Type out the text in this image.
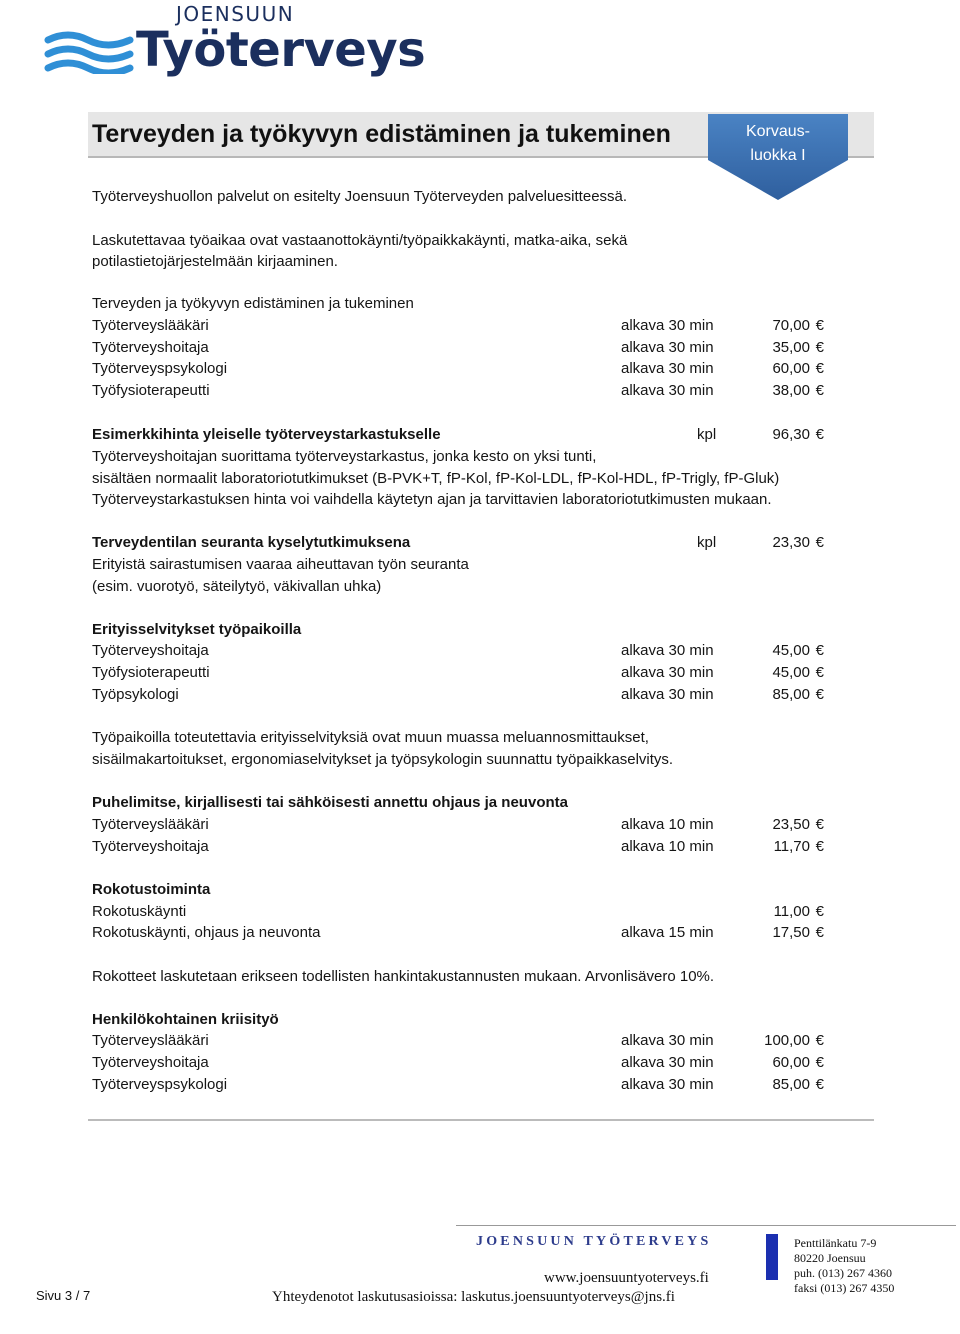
JOENSUUN
Työterveys
Terveyden ja työkyvyn edistäminen ja tukeminen	Korvaus-
luokka I
Työterveyshuollon palvelut on esitelty Joensuun Työterveyden palveluesitteessä.
Laskutettavaa työaikaa ovat vastaanottokäynti/työpaikkakäynti, matka-aika, sekä
potilastietojärjestelmään kirjaaminen.
Terveyden ja työkyvyn edistäminen ja tukeminen
Työterveyslääkäri	alkava 30 min	70,00 €
Työterveyshoitaja	alkava 30 min	35,00 €
Työterveyspsykologi	alkava 30 min	60,00 €
Työfysioterapeutti	alkava 30 min	38,00 €
Esimerkkihinta yleiselle työterveystarkastukselle	kpl	96,30 €
Työterveyshoitajan suorittama työterveystarkastus, jonka kesto on yksi tunti,
sisältäen normaalit laboratoriotutkimukset (B-PVK+T, fP-Kol, fP-Kol-LDL, fP-Kol-HDL, fP-Trigly, fP-Gluk)
Työterveystarkastuksen hinta voi vaihdella käytetyn ajan ja tarvittavien laboratoriotutkimusten mukaan.
Terveydentilan seuranta kyselytutkimuksena	kpl	23,30 €
Erityistä sairastumisen vaaraa aiheuttavan työn seuranta
(esim. vuorotyö, säteilytyö, väkivallan uhka)
Erityisselvitykset työpaikoilla
Työterveyshoitaja	alkava 30 min	45,00 €
Työfysioterapeutti	alkava 30 min	45,00 €
Työpsykologi	alkava 30 min	85,00 €
Työpaikoilla toteutettavia erityisselvityksiä ovat muun muassa meluannosmittaukset,
sisäilmakartoitukset, ergonomiaselvitykset ja työpsykologin suunnattu työpaikkaselvitys.
Puhelimitse, kirjallisesti tai sähköisesti annettu ohjaus ja neuvonta
Työterveyslääkäri	alkava 10 min	23,50 €
Työterveyshoitaja	alkava 10 min	11,70 €
Rokotustoiminta
Rokotuskäynti	11,00 €
Rokotuskäynti, ohjaus ja neuvonta	alkava 15 min	17,50 €
Rokotteet laskutetaan erikseen todellisten hankintakustannusten mukaan. Arvonlisävero 10%.
Henkilökohtainen kriisityö
Työterveyslääkäri	alkava 30 min	100,00 €
Työterveyshoitaja	alkava 30 min	60,00 €
Työterveyspsykologi	alkava 30 min	85,00 €
JOENSUUN TYÖTERVEYS
www.joensuuntyoterveys.fi
Yhteydenotot laskutusasioissa: laskutus.joensuuntyoterveys@jns.fi
Penttilänkatu 7-9
80220 Joensuu
puh. (013) 267 4360
faksi (013) 267 4350
Sivu 3 / 7
